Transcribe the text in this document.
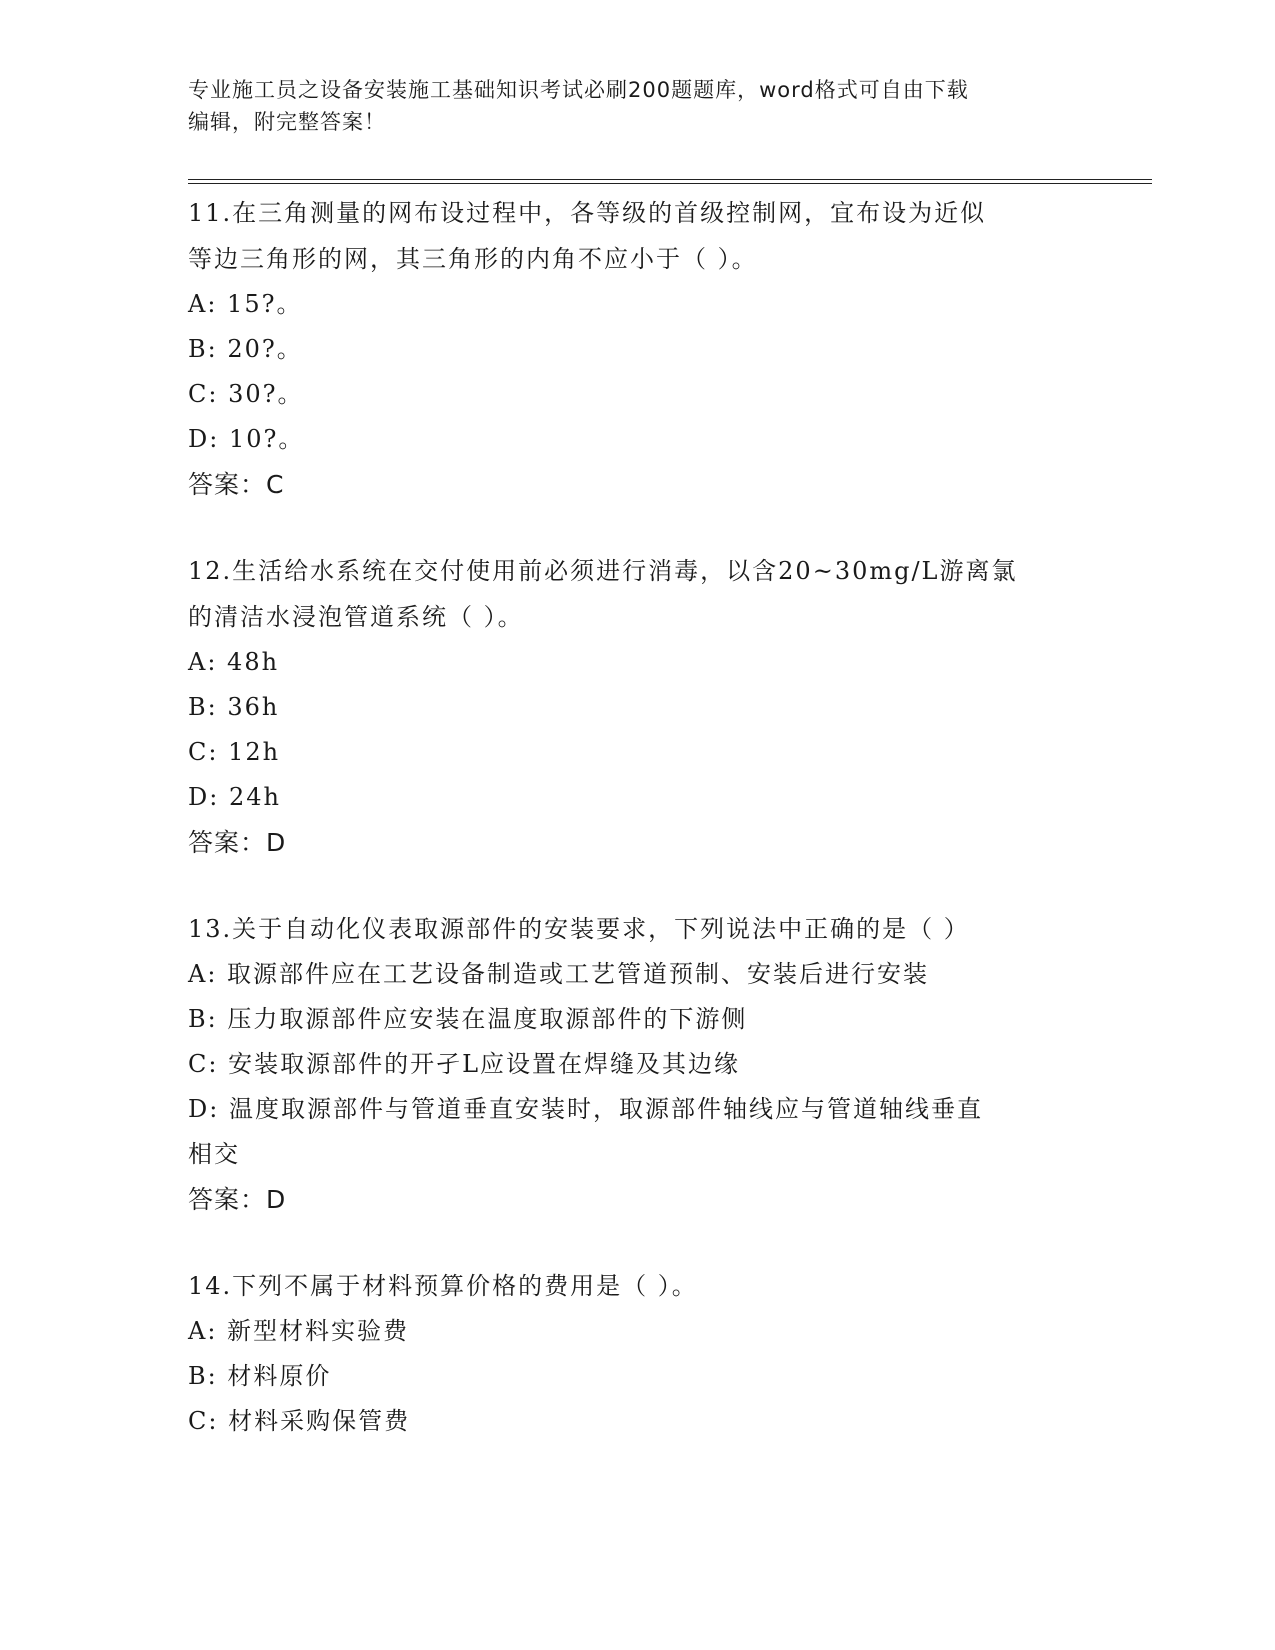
专业施工员之设备安装施工基础知识考试必刷200题题库，word格式可自由下载
编辑，附完整答案！
11.在三角测量的网布设过程中，各等级的首级控制网，宜布设为近似
等边三角形的网，其三角形的内角不应小于（ ）。
A: 15?。
B: 20?。
C: 30?。
D: 10?。
答案：C
12.生活给水系统在交付使用前必须进行消毒，以含20~30mg/L游离氯
的清洁水浸泡管道系统（ ）。
A: 48h
B: 36h
C: 12h
D: 24h
答案：D
13.关于自动化仪表取源部件的安装要求，下列说法中正确的是（ ）
A: 取源部件应在工艺设备制造或工艺管道预制、安装后进行安装
B: 压力取源部件应安装在温度取源部件的下游侧
C: 安装取源部件的开孑L应设置在焊缝及其边缘
D: 温度取源部件与管道垂直安装时，取源部件轴线应与管道轴线垂直
相交
答案：D
14.下列不属于材料预算价格的费用是（ ）。
A: 新型材料实验费
B: 材料原价
C: 材料采购保管费
